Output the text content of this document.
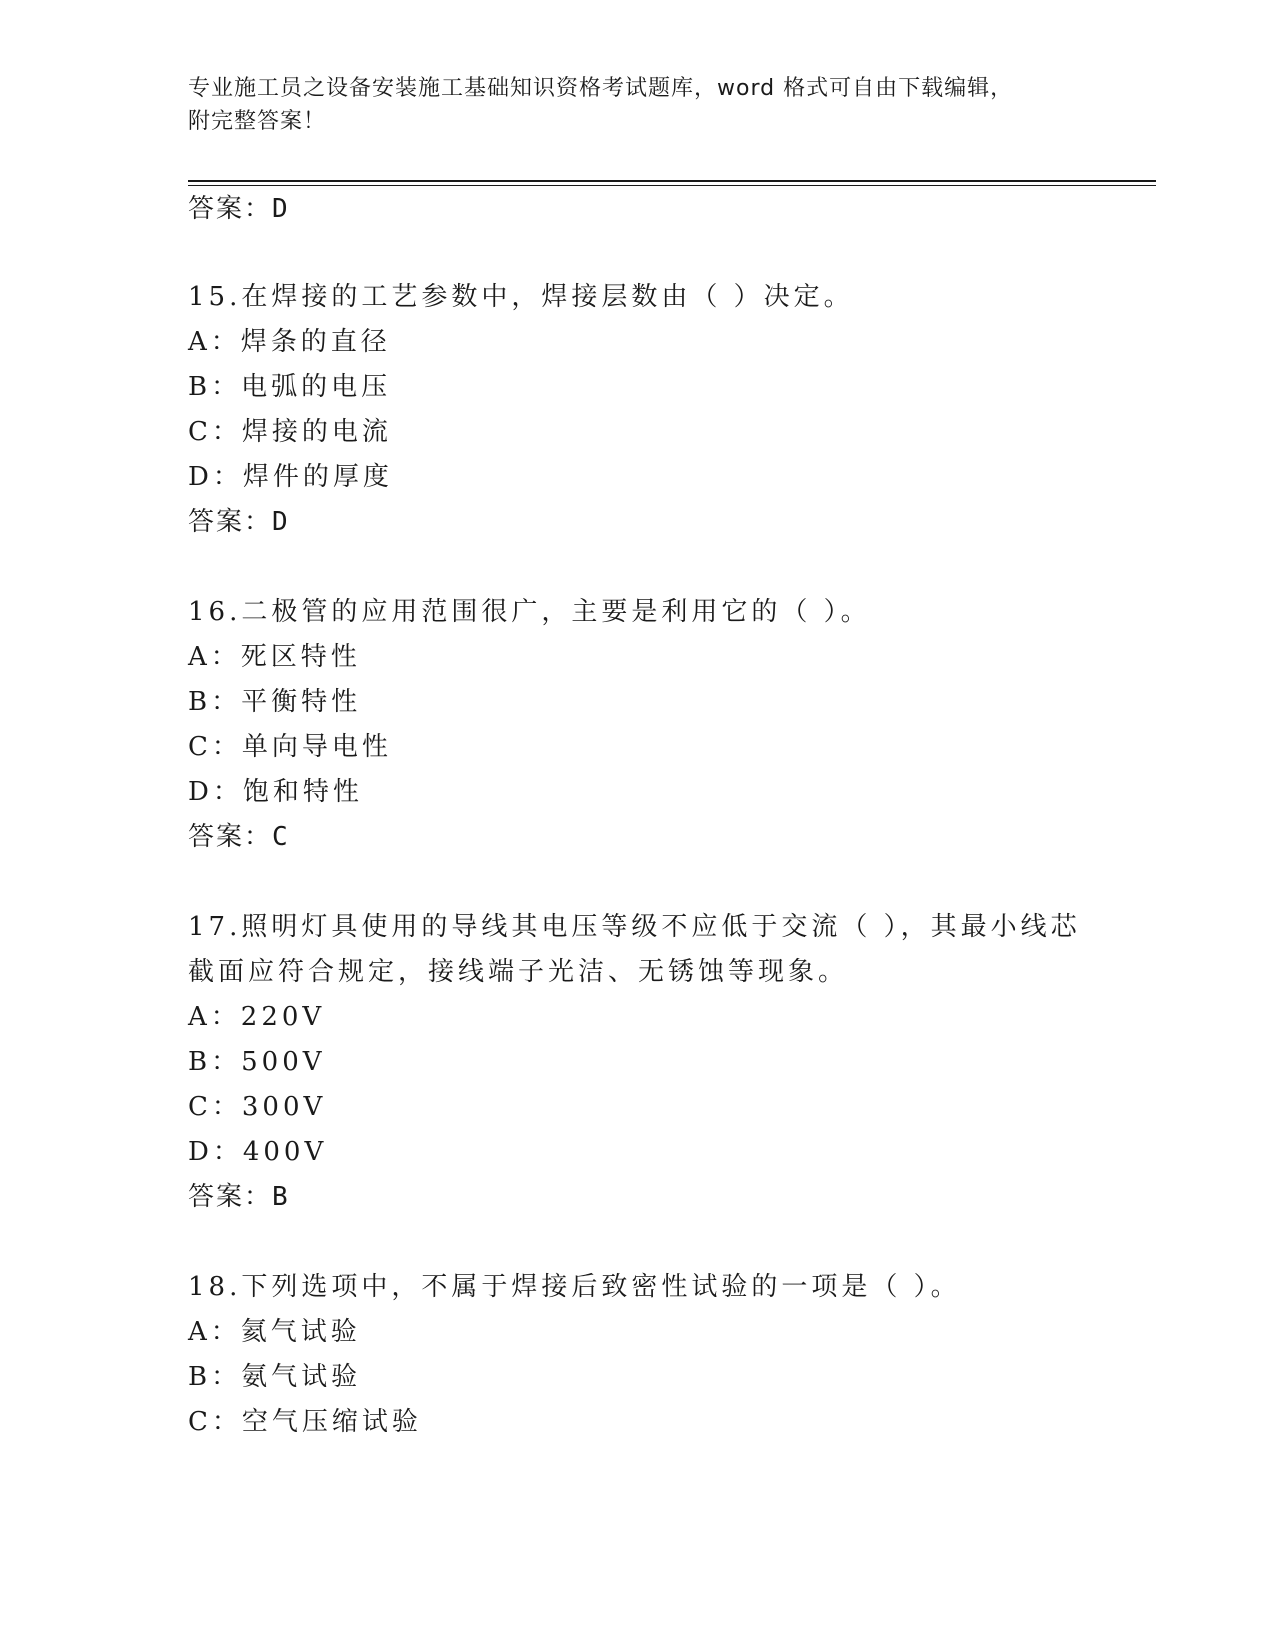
专业施工员之设备安装施工基础知识资格考试题库，word 格式可自由下载编辑，
附完整答案！
答案：D
15.在焊接的工艺参数中，焊接层数由（ ）决定。
A：焊条的直径
B：电弧的电压
C：焊接的电流
D：焊件的厚度
答案：D
16.二极管的应用范围很广，主要是利用它的（ ）。
A：死区特性
B：平衡特性
C：单向导电性
D：饱和特性
答案：C
17.照明灯具使用的导线其电压等级不应低于交流（ ），其最小线芯
截面应符合规定，接线端子光洁、无锈蚀等现象。
A：220V
B：500V
C：300V
D：400V
答案：B
18.下列选项中，不属于焊接后致密性试验的一项是（ ）。
A：氦气试验
B：氨气试验
C：空气压缩试验
